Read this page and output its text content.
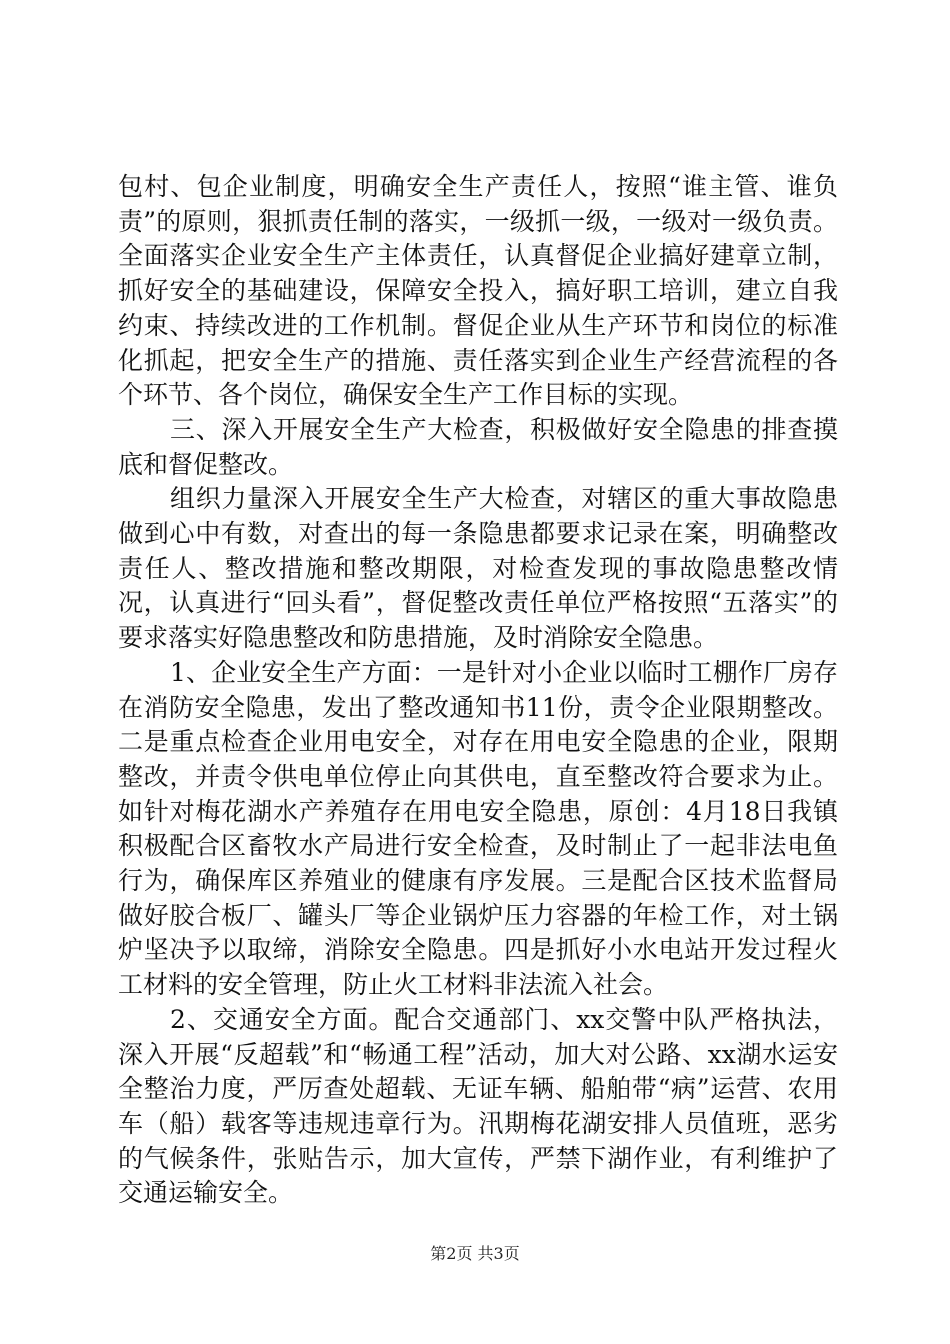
包村、包企业制度，明确安全生产责任人，按照“谁主管、谁负责”的原则，狠抓责任制的落实，一级抓一级，一级对一级负责。全面落实企业安全生产主体责任，认真督促企业搞好建章立制，抓好安全的基础建设，保障安全投入，搞好职工培训，建立自我约束、持续改进的工作机制。督促企业从生产环节和岗位的标准化抓起，把安全生产的措施、责任落实到企业生产经营流程的各个环节、各个岗位，确保安全生产工作目标的实现。

三、深入开展安全生产大检查，积极做好安全隐患的排查摸底和督促整改。

组织力量深入开展安全生产大检查，对辖区的重大事故隐患做到心中有数，对查出的每一条隐患都要求记录在案，明确整改责任人、整改措施和整改期限，对检查发现的事故隐患整改情况，认真进行“回头看”，督促整改责任单位严格按照“五落实”的要求落实好隐患整改和防患措施，及时消除安全隐患。

1、企业安全生产方面：一是针对小企业以临时工棚作厂房存在消防安全隐患，发出了整改通知书11份，责令企业限期整改。二是重点检查企业用电安全，对存在用电安全隐患的企业，限期整改，并责令供电单位停止向其供电，直至整改符合要求为止。如针对梅花湖水产养殖存在用电安全隐患，原创：4月18日我镇积极配合区畜牧水产局进行安全检查，及时制止了一起非法电鱼行为，确保库区养殖业的健康有序发展。三是配合区技术监督局做好胶合板厂、罐头厂等企业锅炉压力容器的年检工作，对土锅炉坚决予以取缔，消除安全隐患。四是抓好小水电站开发过程火工材料的安全管理，防止火工材料非法流入社会。

2、交通安全方面。配合交通部门、xx交警中队严格执法，深入开展“反超载”和“畅通工程”活动，加大对公路、xx湖水运安全整治力度，严厉查处超载、无证车辆、船舶带“病”运营、农用车（船）载客等违规违章行为。汛期梅花湖安排人员值班，恶劣的气候条件，张贴告示，加大宣传，严禁下湖作业，有利维护了交通运输安全。

第2页 共3页
